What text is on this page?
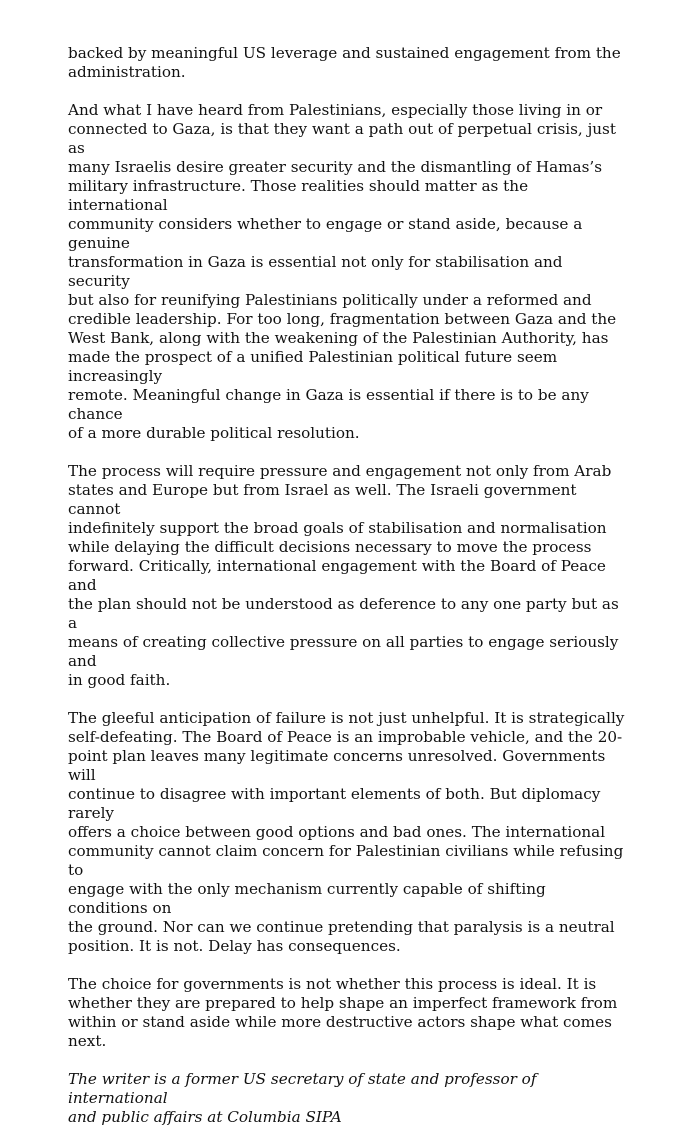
backed by meaningful US leverage and sustained engagement from the
administration.

And what I have heard from Palestinians, especially those living in or
connected to Gaza, is that they want a path out of perpetual crisis, just as
many Israelis desire greater security and the dismantling of Hamas’s
military infrastructure. Those realities should matter as the international
community considers whether to engage or stand aside, because a genuine
transformation in Gaza is essential not only for stabilisation and security
but also for reunifying Palestinians politically under a reformed and
credible leadership. For too long, fragmentation between Gaza and the
West Bank, along with the weakening of the Palestinian Authority, has
made the prospect of a unified Palestinian political future seem increasingly
remote. Meaningful change in Gaza is essential if there is to be any chance
of a more durable political resolution.

The process will require pressure and engagement not only from Arab
states and Europe but from Israel as well. The Israeli government cannot
indefinitely support the broad goals of stabilisation and normalisation
while delaying the difficult decisions necessary to move the process
forward. Critically, international engagement with the Board of Peace and
the plan should not be understood as deference to any one party but as a
means of creating collective pressure on all parties to engage seriously and
in good faith.

The gleeful anticipation of failure is not just unhelpful. It is strategically
self-defeating. The Board of Peace is an improbable vehicle, and the 20-
point plan leaves many legitimate concerns unresolved. Governments will
continue to disagree with important elements of both. But diplomacy rarely
offers a choice between good options and bad ones. The international
community cannot claim concern for Palestinian civilians while refusing to
engage with the only mechanism currently capable of shifting conditions on
the ground. Nor can we continue pretending that paralysis is a neutral
position. It is not. Delay has consequences.

The choice for governments is not whether this process is ideal. It is
whether they are prepared to help shape an imperfect framework from
within or stand aside while more destructive actors shape what comes next.

The writer is a former US secretary of state and professor of international
and public affairs at Columbia SIPA
